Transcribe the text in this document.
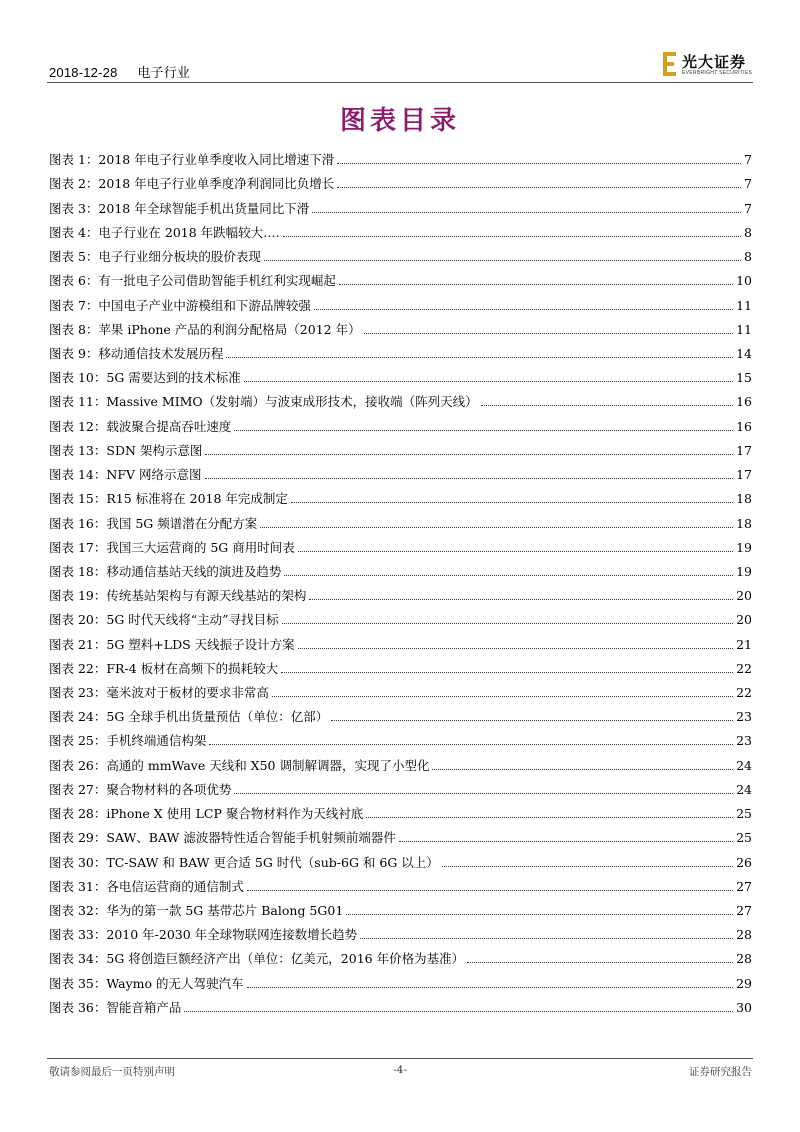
2018-12-28 电子行业
光大证券
EVERBRIGHT SECURITIES
图表目录
图表 1：2018 年电子行业单季度收入同比增速下滑	7
图表 2：2018 年电子行业单季度净利润同比负增长	7
图表 3：2018 年全球智能手机出货量同比下滑	7
图表 4：电子行业在 2018 年跌幅较大….	8
图表 5：电子行业细分板块的股价表现	8
图表 6：有一批电子公司借助智能手机红利实现崛起	10
图表 7：中国电子产业中游模组和下游品牌较强	11
图表 8：苹果 iPhone 产品的利润分配格局（2012 年）	11
图表 9：移动通信技术发展历程	14
图表 10：5G 需要达到的技术标准	15
图表 11：Massive MIMO（发射端）与波束成形技术，接收端（阵列天线）	16
图表 12：载波聚合提高吞吐速度	16
图表 13：SDN 架构示意图	17
图表 14：NFV 网络示意图	17
图表 15：R15 标准将在 2018 年完成制定	18
图表 16：我国 5G 频谱潜在分配方案	18
图表 17：我国三大运营商的 5G 商用时间表	19
图表 18：移动通信基站天线的演进及趋势	19
图表 19：传统基站架构与有源天线基站的架构	20
图表 20：5G 时代天线将“主动”寻找目标	20
图表 21：5G 塑料+LDS 天线振子设计方案	21
图表 22：FR-4 板材在高频下的损耗较大	22
图表 23：毫米波对于板材的要求非常高	22
图表 24：5G 全球手机出货量预估（单位：亿部）	23
图表 25：手机终端通信构架	23
图表 26：高通的 mmWave 天线和 X50 调制解调器，实现了小型化	24
图表 27：聚合物材料的各项优势	24
图表 28：iPhone X 使用 LCP 聚合物材料作为天线衬底	25
图表 29：SAW、BAW 滤波器特性适合智能手机射频前端器件	25
图表 30：TC-SAW 和 BAW 更合适 5G 时代（sub-6G 和 6G 以上）	26
图表 31：各电信运营商的通信制式	27
图表 32：华为的第一款 5G 基带芯片 Balong 5G01	27
图表 33：2010 年-2030 年全球物联网连接数增长趋势	28
图表 34：5G 将创造巨额经济产出（单位：亿美元，2016 年价格为基准）	28
图表 35：Waymo 的无人驾驶汽车	29
图表 36：智能音箱产品	30
敬请参阅最后一页特别声明	-4-	证券研究报告
